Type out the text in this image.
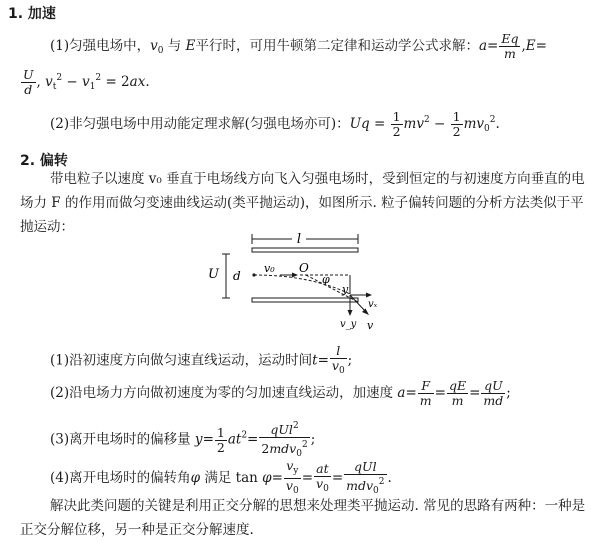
1. 加速
(1)匀强电场中，$v_0$ 与 E平行时，可用牛顿第二定律和运动学公式求解：$a= \frac{Eq}{m} ,E=$
$\frac{U}{d}$ , $v_t^2 - v_1^2 = 2ax$.
(2)非匀强电场中用动能定理求解(匀强电场亦可)：$Uq = \frac{1}{2} mv^2 - \frac{1}{2} mv_0^2$.
2. 偏转
带电粒子以速度 v₀ 垂直于电场线方向飞入匀强电场时，受到恒定的与初速度方向垂直的电场力 F 的作用而做匀变速曲线运动(类平抛运动)，如图所示. 粒子偏转问题的分析方法类似于平抛运动：
l
U d
v₀ O
φ
y
vₓ
v_y v
(1)沿初速度方向做匀速直线运动，运动时间$t= \frac{l}{v_0}$ ;
(2)沿电场力方向做初速度为零的匀加速直线运动，加速度 $a= \frac{F}{m} = \frac{qE}{m} = \frac{qU}{md}$ ;
(3)离开电场时的偏移量 $y= \frac{1}{2} at^2= \frac{qUl^2}{2mdv_0^2}$ ;
(4)离开电场时的偏转角φ 满足 $\tan \varphi= \frac{v_y}{v_0} = \frac{at}{v_0} = \frac{\text{qUl}}{mdv_0^2}$ .
解决此类问题的关键是利用正交分解的思想来处理类平抛运动. 常见的思路有两种：一种是正交分解位移，另一种是正交分解速度.
